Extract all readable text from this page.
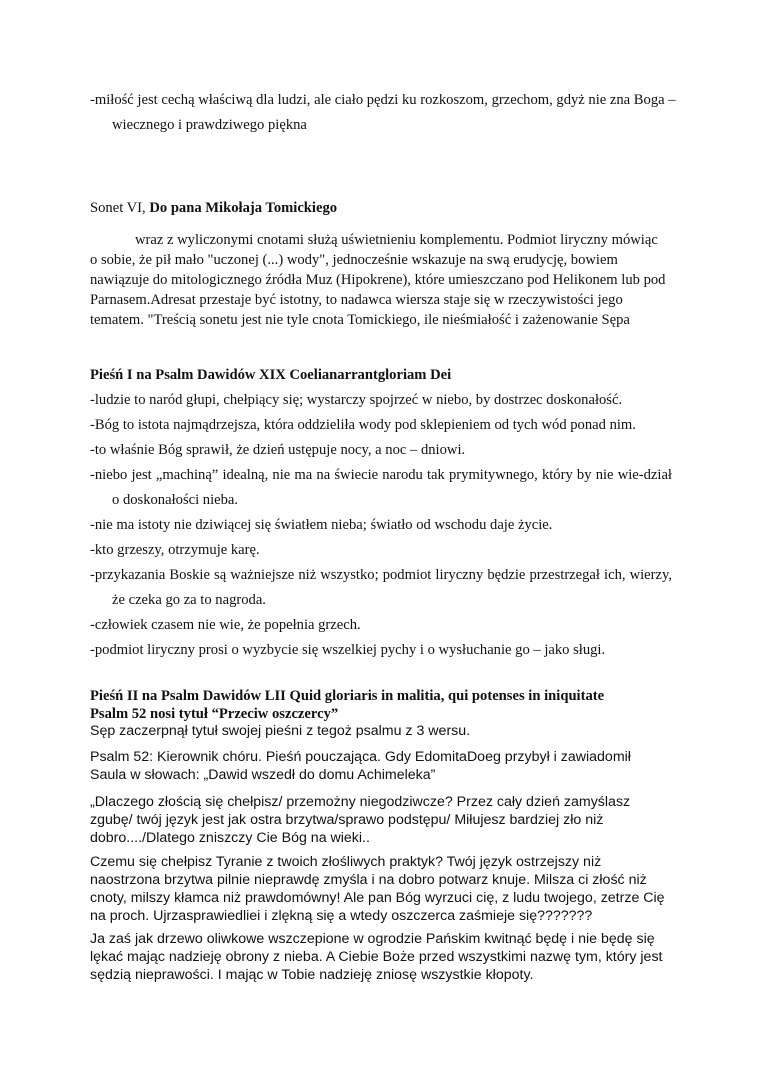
-miłość jest cechą właściwą dla ludzi, ale ciało pędzi ku rozkoszom, grzechom, gdyż nie zna Boga – wiecznego i prawdziwego piękna

Sonet VI, Do pana Mikołaja Tomickiego

wraz z wyliczonymi cnotami służą uświetnieniu komplementu. Podmiot liryczny mówiąc o sobie, że pił mało "uczonej (...) wody", jednocześnie wskazuje na swą erudycję, bowiem nawiązuje do mitologicznego źródła Muz (Hipokrene), które umieszczano pod Helikonem lub pod Parnasem.Adresat przestaje być istotny, to nadawca wiersza staje się w rzeczywistości jego tematem. "Treścią sonetu jest nie tyle cnota Tomickiego, ile nieśmiałość i zażenowanie Sępa

Pieśń I na Psalm Dawidów XIX Coelianarrantgloriam Dei

-ludzie to naród głupi, chełpiący się; wystarczy spojrzeć w niebo, by dostrzec doskonałość.
-Bóg to istota najmądrzejsza, która oddzieliła wody pod sklepieniem od tych wód ponad nim.
-to właśnie Bóg sprawił, że dzień ustępuje nocy, a noc – dniowi.
-niebo jest „machiną” idealną, nie ma na świecie narodu tak prymitywnego, który by nie wie-dział o doskonałości nieba.
-nie ma istoty nie dziwiącej się światłem nieba; światło od wschodu daje życie.
-kto grzeszy, otrzymuje karę.
-przykazania Boskie są ważniejsze niż wszystko; podmiot liryczny będzie przestrzegał ich, wierzy, że czeka go za to nagroda.
-człowiek czasem nie wie, że popełnia grzech.
-podmiot liryczny prosi o wyzbycie się wszelkiej pychy i o wysłuchanie go – jako sługi.

Pieśń II na Psalm Dawidów LII Quid gloriaris in malitia, qui potenses in iniquitate

Psalm 52 nosi tytuł “Przeciw oszczercy”

Sęp zaczerpnął tytuł swojej pieśni z tegoż psalmu z 3 wersu.

Psalm 52: Kierownik chóru. Pieśń pouczająca. Gdy EdomitaDoeg przybył i zawiadomił Saula w słowach: „Dawid wszedł do domu Achimeleka”

„Dlaczego złością się chełpisz/ przemożny niegodziwcze? Przez cały dzień zamyślasz zgubę/ twój język jest jak ostra brzytwa/sprawo podstępu/ Miłujesz bardziej zło niż dobro..../Dlatego zniszczy Cie Bóg na wieki..

Czemu się chełpisz Tyranie z twoich złośliwych praktyk? Twój język ostrzejszy niż naostrzona brzytwa pilnie nieprawdę zmyśla i na dobro potwarz knuje. Milsza ci złość niż cnoty, milszy kłamca niż prawdomówny! Ale pan Bóg wyrzuci cię, z ludu twojego, zetrze Cię na proch. Ujrzasprawiedliei i zlękną się a wtedy oszczerca zaśmieje się???????

Ja zaś jak drzewo oliwkowe wszczepione w ogrodzie Pańskim kwitnąć będę i nie będę się lękać mając nadzieję obrony z nieba. A Ciebie Boże przed wszystkimi nazwę tym, który jest sędzią nieprawości. I mając w Tobie nadzieję zniosę wszystkie kłopoty.
